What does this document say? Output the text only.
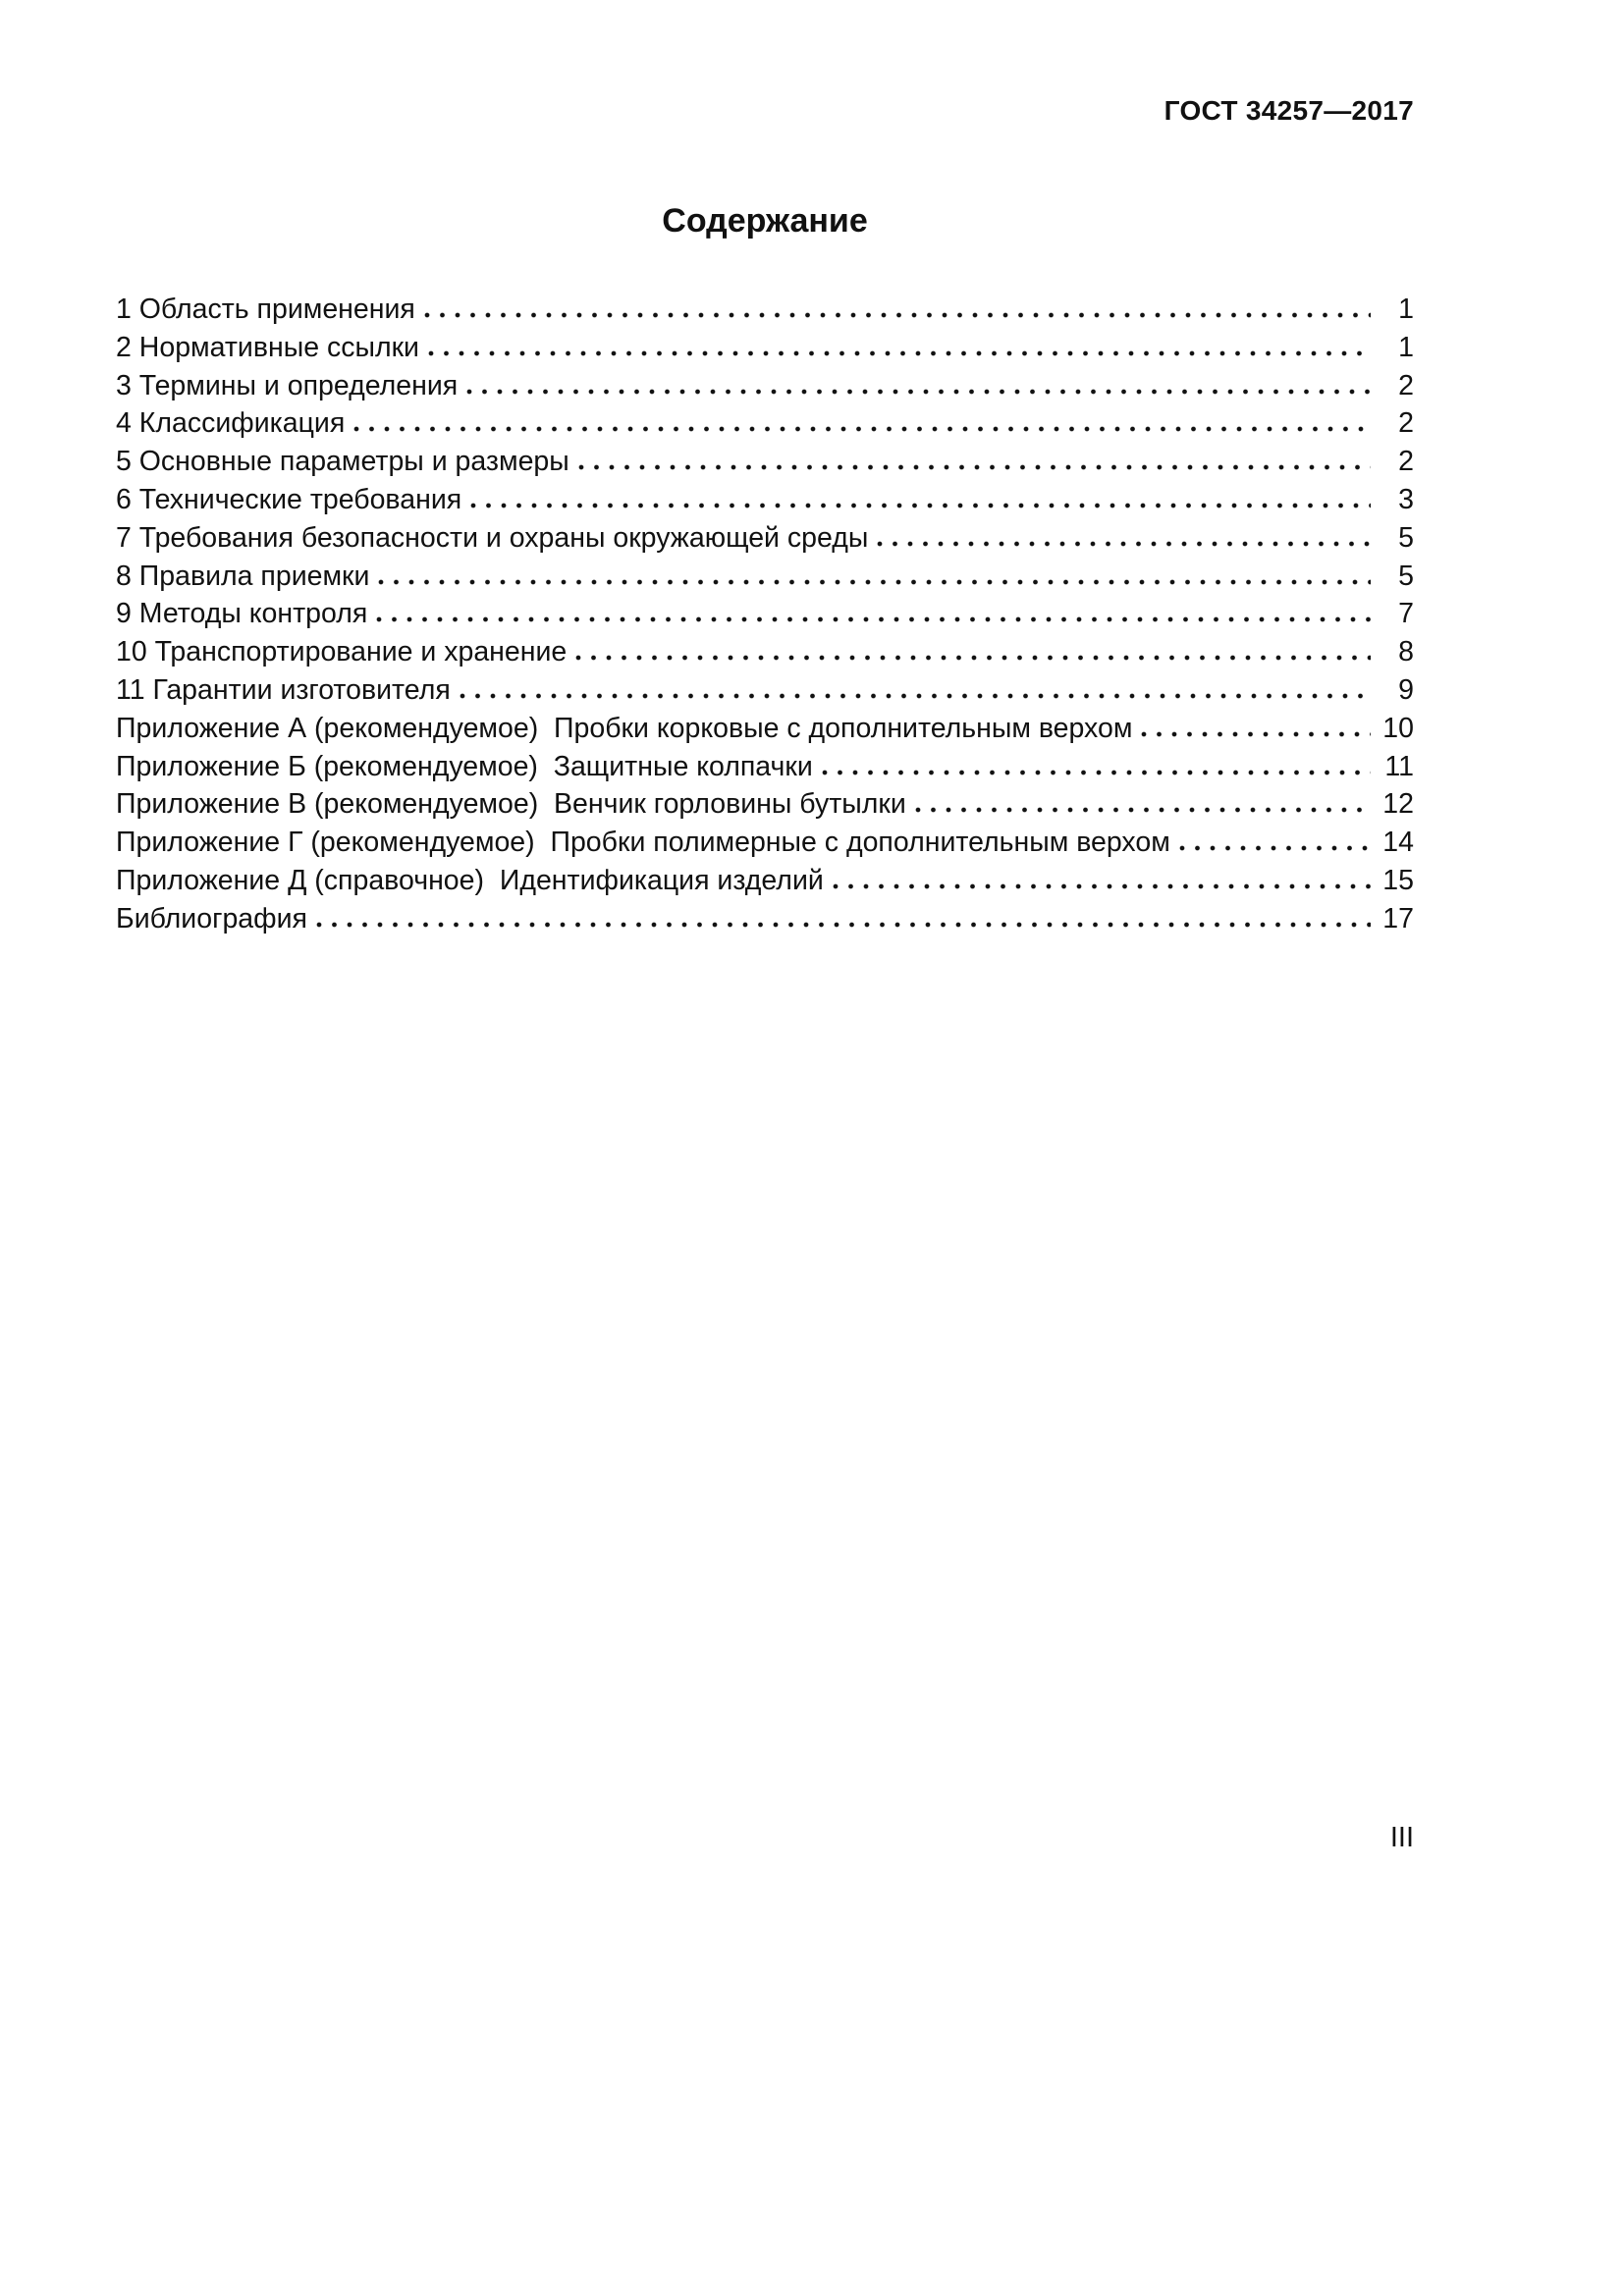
ГОСТ 34257—2017
Содержание
1 Область применения	1
2 Нормативные ссылки	1
3 Термины и определения	2
4 Классификация	2
5 Основные параметры и размеры	2
6 Технические требования	3
7 Требования безопасности и охраны окружающей среды	5
8 Правила приемки	5
9 Методы контроля	7
10 Транспортирование и хранение	8
11 Гарантии изготовителя	9
Приложение А (рекомендуемое)  Пробки корковые с дополнительным верхом	10
Приложение Б (рекомендуемое)  Защитные колпачки	11
Приложение В (рекомендуемое)  Венчик горловины бутылки	12
Приложение Г (рекомендуемое)  Пробки полимерные с дополнительным верхом	14
Приложение Д (справочное)  Идентификация изделий	15
Библиография	17
III
